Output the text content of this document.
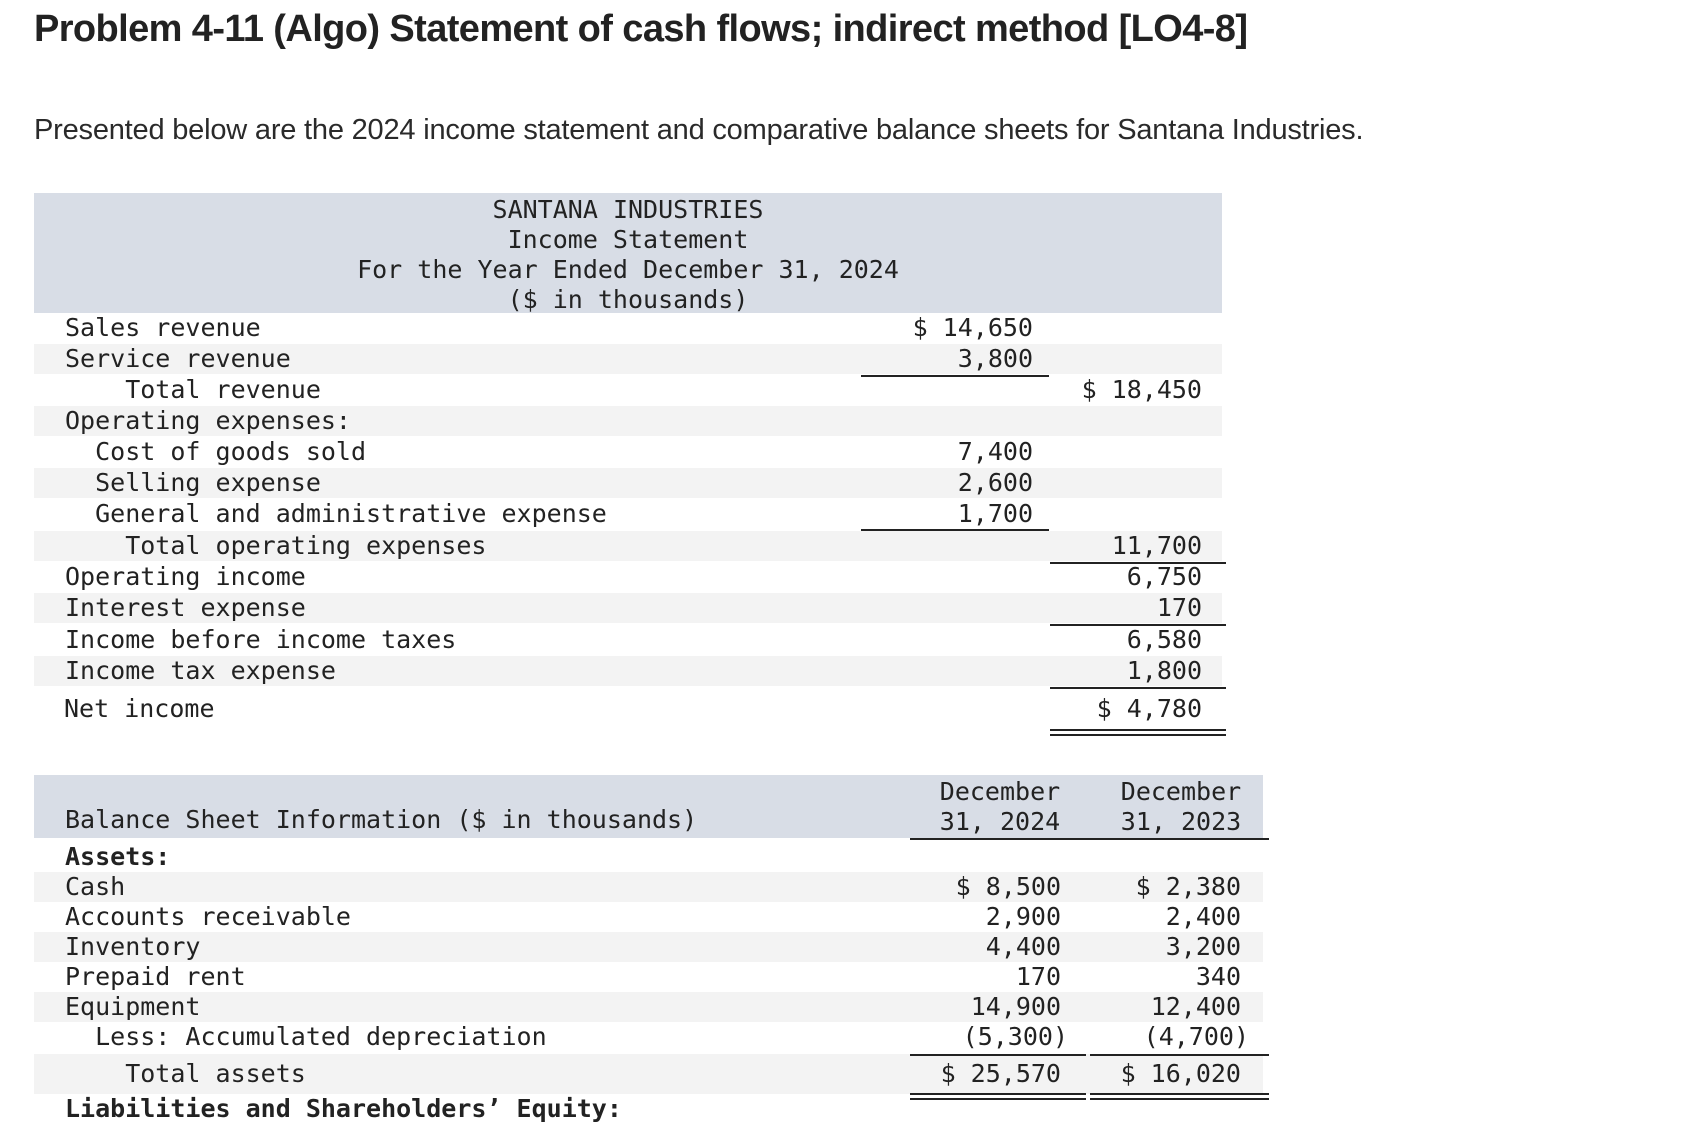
Problem 4-11 (Algo) Statement of cash flows; indirect method [LO4-8]
Presented below are the 2024 income statement and comparative balance sheets for Santana Industries.
SANTANA INDUSTRIES
Income Statement
For the Year Ended December 31, 2024
($ in thousands)
Sales revenue	$ 14,650
Service revenue	3,800
Total revenue	$ 18,450
Operating expenses:
Cost of goods sold	7,400
Selling expense	2,600
General and administrative expense	1,700
Total operating expenses	11,700
Operating income	6,750
Interest expense	170
Income before income taxes	6,580
Income tax expense	1,800
Net income	$ 4,780
Balance Sheet Information ($ in thousands)
December
31, 2024
December
31, 2023
Assets:
Cash	$ 8,500	$ 2,380
Accounts receivable	2,900	2,400
Inventory	4,400	3,200
Prepaid rent	170	340
Equipment	14,900	12,400
Less: Accumulated depreciation	(5,300)	(4,700)
Total assets	$ 25,570	$ 16,020
Liabilities and Shareholders’ Equity:
